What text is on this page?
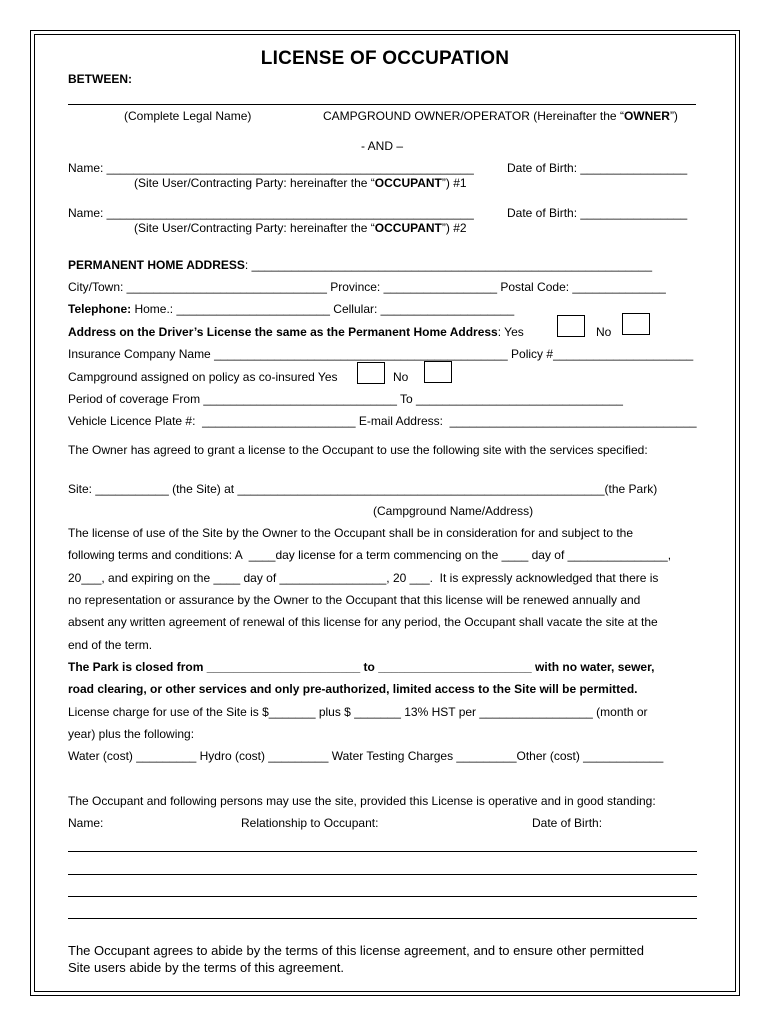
LICENSE OF OCCUPATION
BETWEEN:
(Complete Legal Name)	CAMPGROUND OWNER/OPERATOR (Hereinafter the “OWNER”)
- AND –
Name: _______________________________________________________	Date of Birth: ________________
(Site User/Contracting Party: hereinafter the “OCCUPANT”) #1
Name: _______________________________________________________	Date of Birth: ________________
(Site User/Contracting Party: hereinafter the “OCCUPANT”) #2
PERMANENT HOME ADDRESS: ____________________________________________________________
City/Town: ______________________________ Province: _________________ Postal Code: ______________
Telephone: Home.: _______________________ Cellular: ____________________
Address on the Driver’s License the same as the Permanent Home Address: Yes	No
Insurance Company Name ____________________________________________ Policy #_____________________
Campground assigned on policy as co-insured Yes	No
Period of coverage From _____________________________ To _______________________________
Vehicle Licence Plate #:  _______________________ E-mail Address:  _____________________________________
The Owner has agreed to grant a license to the Occupant to use the following site with the services specified:
Site: ___________ (the Site) at _______________________________________________________(the Park)
(Campground Name/Address)
The license of use of the Site by the Owner to the Occupant shall be in consideration for and subject to the
following terms and conditions: A  ____day license for a term commencing on the ____ day of _______________,
20___, and expiring on the ____ day of ________________, 20 ___.  It is expressly acknowledged that there is
no representation or assurance by the Owner to the Occupant that this license will be renewed annually and
absent any written agreement of renewal of this license for any period, the Occupant shall vacate the site at the
end of the term.
The Park is closed from _______________________ to _______________________ with no water, sewer,
road clearing, or other services and only pre-authorized, limited access to the Site will be permitted.
License charge for use of the Site is $_______ plus $ _______ 13% HST per _________________ (month or
year) plus the following:
Water (cost) _________ Hydro (cost) _________ Water Testing Charges _________Other (cost) ____________
The Occupant and following persons may use the site, provided this License is operative and in good standing:
Name:	Relationship to Occupant:	Date of Birth:
The Occupant agrees to abide by the terms of this license agreement, and to ensure other permitted
Site users abide by the terms of this agreement.
